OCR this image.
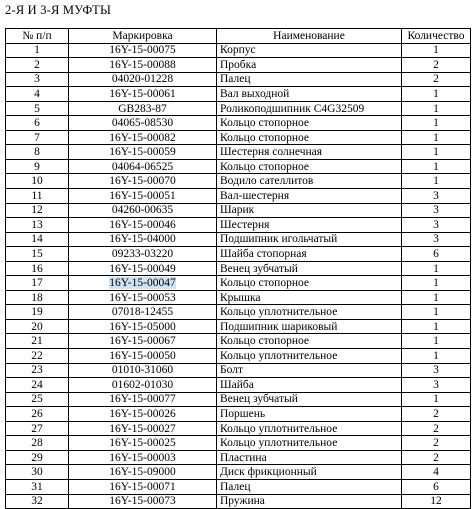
2-Я И 3-Я МУФТЫ
№ п/п	Маркировка	Наименование	Количество
1	16Y-15-00075	Корпус	1
2	16Y-15-00088	Пробка	2
3	04020-01228	Палец	2
4	16Y-15-00061	Вал выходной	1
5	GB283-87	Роликоподшипник C4G32509	1
6	04065-08530	Кольцо стопорное	1
7	16Y-15-00082	Кольцо стопорное	1
8	16Y-15-00059	Шестерня солнечная	1
9	04064-06525	Кольцо стопорное	1
10	16Y-15-00070	Водило сателлитов	1
11	16Y-15-00051	Вал-шестерня	3
12	04260-00635	Шарик	3
13	16Y-15-00046	Шестерня	3
14	16Y-15-04000	Подшипник игольчатый	3
15	09233-03220	Шайба стопорная	6
16	16Y-15-00049	Венец зубчатый	1
17	16Y-15-00047	Кольцо стопорное	1
18	16Y-15-00053	Крышка	1
19	07018-12455	Кольцо уплотнительное	1
20	16Y-15-05000	Подшипник шариковый	1
21	16Y-15-00067	Кольцо стопорное	1
22	16Y-15-00050	Кольцо уплотнительное	1
23	01010-31060	Болт	3
24	01602-01030	Шайба	3
25	16Y-15-00077	Венец зубчатый	1
26	16Y-15-00026	Поршень	2
27	16Y-15-00027	Кольцо уплотнительное	2
28	16Y-15-00025	Кольцо уплотнительное	2
29	16Y-15-00003	Пластина	2
30	16Y-15-09000	Диск фрикционный	4
31	16Y-15-00071	Палец	6
32	16Y-15-00073	Пружина	12
